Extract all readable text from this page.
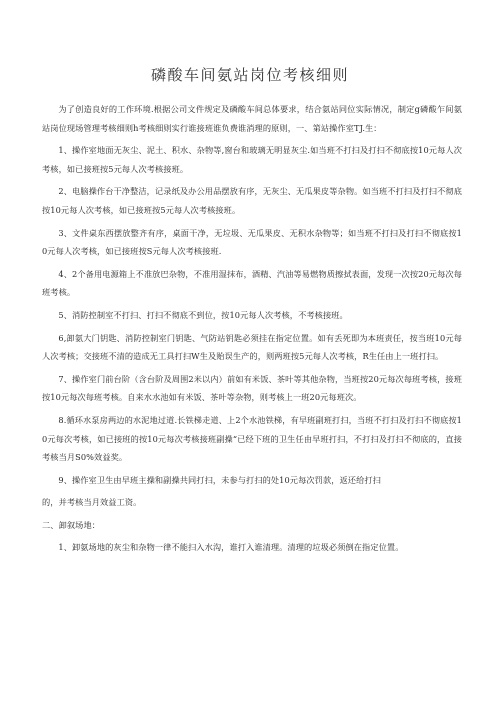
磷酸车间氨站岗位考核细则

为了创造良好的工作环境.根据公司文件规定及磷酸车间总体要求，结合氨站同位实际情况，制定g磷酸乍间氨站岗位现场管理考核细则h考核细则实行谁接班谁负费谁消理的原则，一、第站操作室TJ.生：

1、操作室地面无灰尘、泥土、积水、杂物等,窗台和玻璃无明显灰尘.如当班不打扫及打扫不彻底按10元每人次考核，如已接班按5元每人次考核接班。

2、电脑操作台干净整洁，记录纸及办公用品摆放有序，无灰尘、无瓜果皮等杂物。如当班不打扫及打扫不彻底按10元每人次考核，如已接班按5元每人次考核接班。

3、文件桌东西摆放整齐有序，桌面干净，无垃圾、无瓜果皮、无积水杂物等；如当班不打扫及打扫不彻底按10元每人次考核，如已接班按S元每人次考核接班.

4、2个备用电源箱上不准放巴杂物，不准用湿抹布，酒精、汽油等易燃物质擦拭表面，发现一次按20元每次每班考核。

5、消防控制室不打扫、打扫不彻底不到位，按10元每人次考核，不考核接班。

6,卸氨大门钥匙、消防控制室门钥匙、气防站钥匙必须挂在指定位置。如有丢死即为本班责任，按当班10元每人次考核；交接班不清的造成无工具打扫W生及贻误生产的，则两班按5元每人次考核，R生任由上一班打扫。

7、操作室门前台阶（含台阶及周围2米以内）前如有米饭、茶叶等其他杂物，当班按20元每次每班考核，接班按10元每次每班考核。自来水水池如有米饭、茶叶等杂物，则考核上一班20元每班次。

8.循环水泵房两边的水泥地过道.长铁梯走道、上2个水池铁梯，有早班副班打扫，当班不打扫及打扫不彻底按10元每次考核，如已接班的按10元每次考核接班副操“已经下班的卫生任由早班打扫，不打扫及打扫不彻底的，直接考核当月S0%效益奖。

9、操作室卫生由早班主操和副操共同打扫，未参与打扫的处10元每次罚款，返还给打扫

的，并考核当月效益工资。

二、卸叙场地：

1、卸氨场地的灰尘和杂物一律不能扫入水沟，谁打入谁清理。清理的垃圾必须倒在指定位置。
